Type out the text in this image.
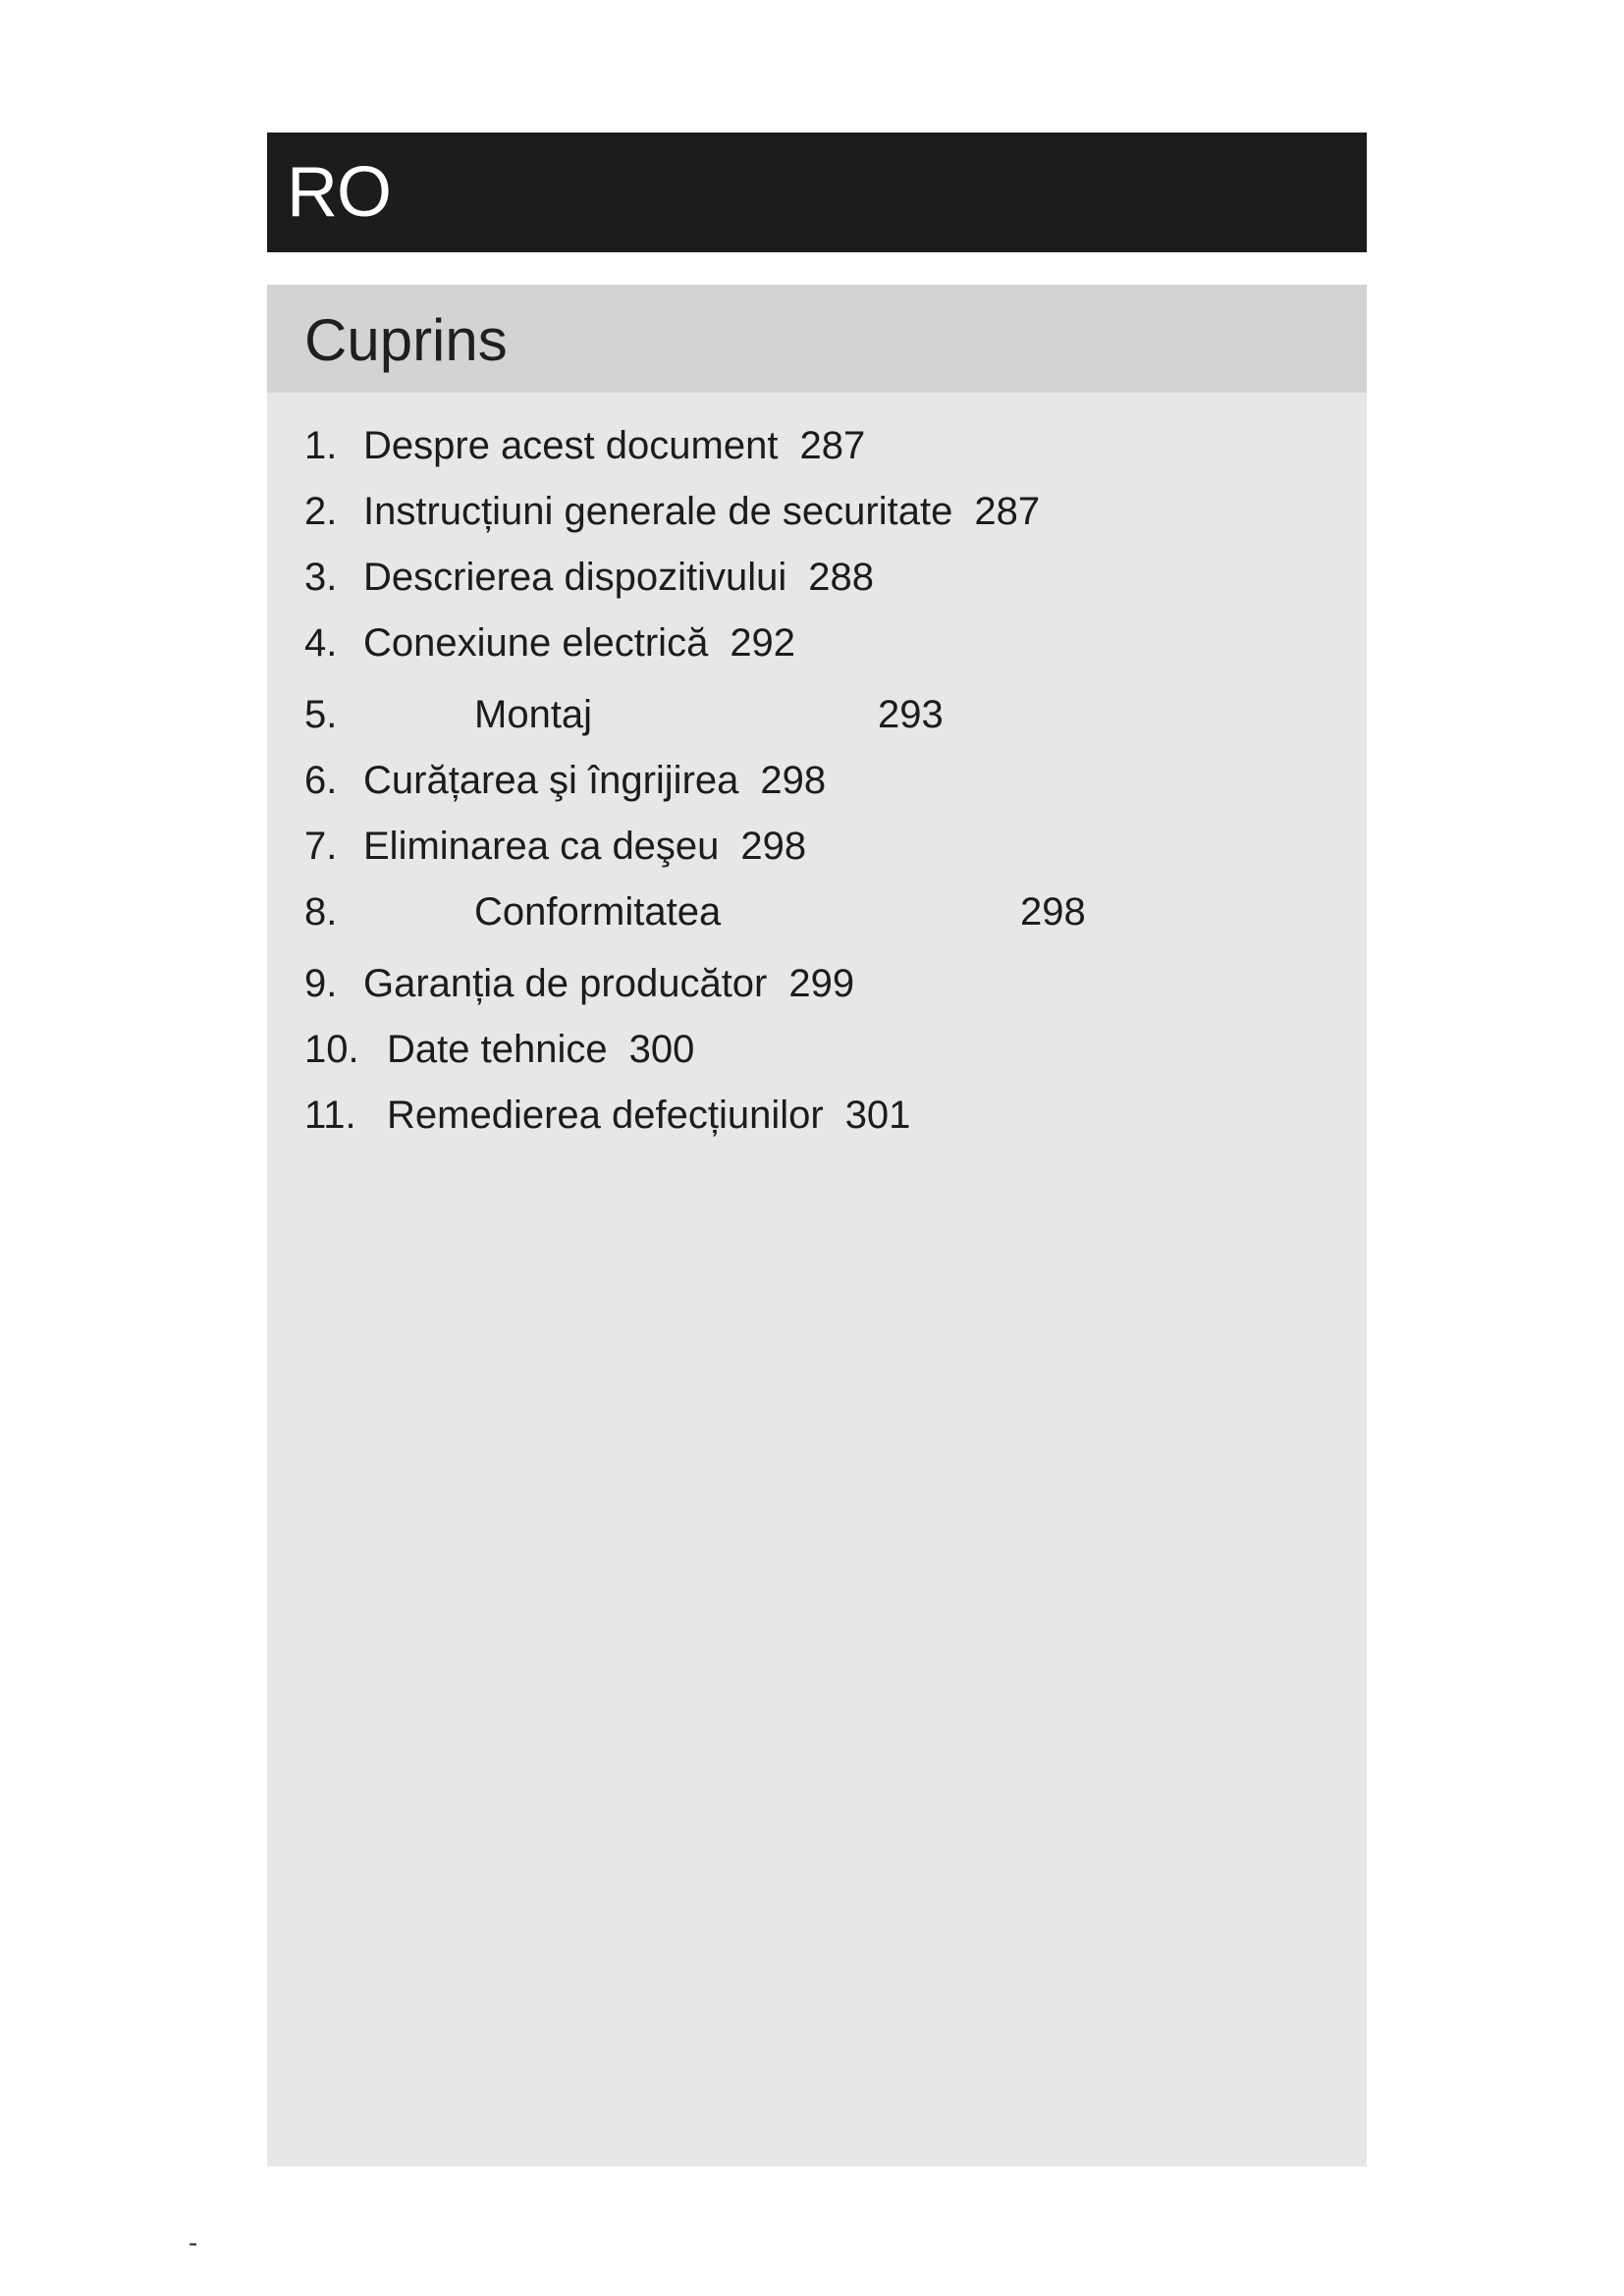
RO
Cuprins
1. Despre acest document 287
2. Instrucțiuni generale de securitate 287
3. Descrierea dispozitivului 288
4. Conexiune electrică 292
5.	Montaj	293
6. Curățarea şi îngrijirea 298
7. Eliminarea ca deşeu 298
8.	Conformitatea	298
9. Garanția de producător 299
10. Date tehnice 300
11. Remedierea defecțiunilor 301
-
